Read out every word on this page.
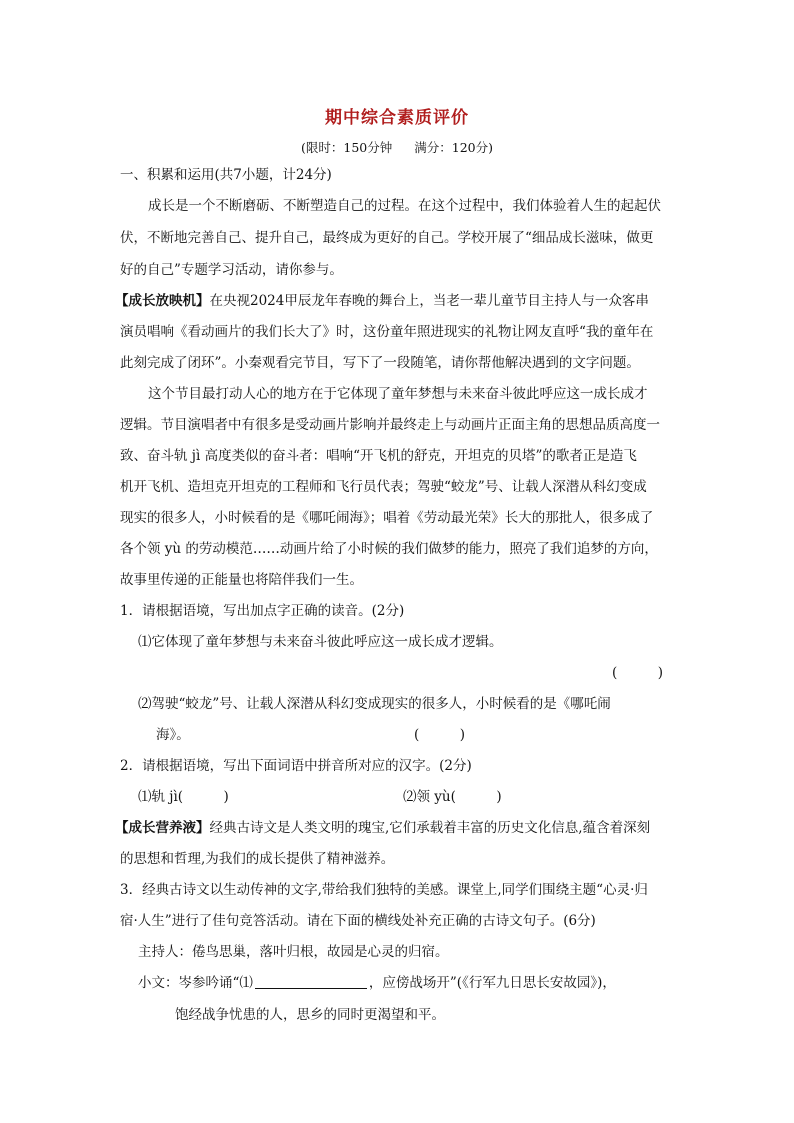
期中综合素质评价
(限时：150分钟 满分：120分)
一、积累和运用(共7小题，计24分)
成长是一个不断磨砺、不断塑造自己的过程。在这个过程中，我们体验着人生的起起伏
伏，不断地完善自己、提升自己，最终成为更好的自己。学校开展了“细品成长滋味，做更
好的自己”专题学习活动，请你参与。
【成长放映机】在央视2024甲辰龙年春晚的舞台上，当老一辈儿童节目主持人与一众客串
演员唱响《看动画片的我们长大了》时，这份童年照进现实的礼物让网友直呼“我的童年在
此刻完成了闭环”。小秦观看完节目，写下了一段随笔，请你帮他解决遇到的文字问题。
这个节目最打动人心的地方在于它体现了童年梦想与未来奋斗彼此呼应这一成长成才
逻辑。节目演唱者中有很多是受动画片影响并最终走上与动画片正面主角的思想品质高度一
致、奋斗轨 jì 高度类似的奋斗者：唱响“开飞机的舒克，开坦克的贝塔”的歌者正是造飞
机开飞机、造坦克开坦克的工程师和飞行员代表；驾驶“蛟龙”号、让载人深潜从科幻变成
现实的很多人，小时候看的是《哪吒闹海》；唱着《劳动最光荣》长大的那批人，很多成了
各个领 yù 的劳动模范……动画片给了小时候的我们做梦的能力，照亮了我们追梦的方向，
故事里传递的正能量也将陪伴我们一生。
1．请根据语境，写出加点字正确的读音。(2分)
⑴它体现了童年梦想与未来奋斗彼此呼应这一成长成才逻辑。
(　　　)
⑵驾驶“蛟龙”号、让载人深潜从科幻变成现实的很多人，小时候看的是《哪吒闹
海》。	(　　　)
2．请根据语境，写出下面词语中拼音所对应的汉字。(2分)
⑴轨 jì(　　　)	⑵领 yù(　　　)
【成长营养液】经典古诗文是人类文明的瑰宝,它们承载着丰富的历史文化信息,蕴含着深刻
的思想和哲理,为我们的成长提供了精神滋养。
3．经典古诗文以生动传神的文字,带给我们独特的美感。课堂上,同学们围绕主题“心灵·归
宿·人生”进行了佳句竞答活动。请在下面的横线处补充正确的古诗文句子。(6分)
主持人：倦鸟思巢，落叶归根，故园是心灵的归宿。
小文：岑参吟诵“⑴	，应傍战场开”(《行军九日思长安故园》)，
饱经战争忧患的人，思乡的同时更渴望和平。
